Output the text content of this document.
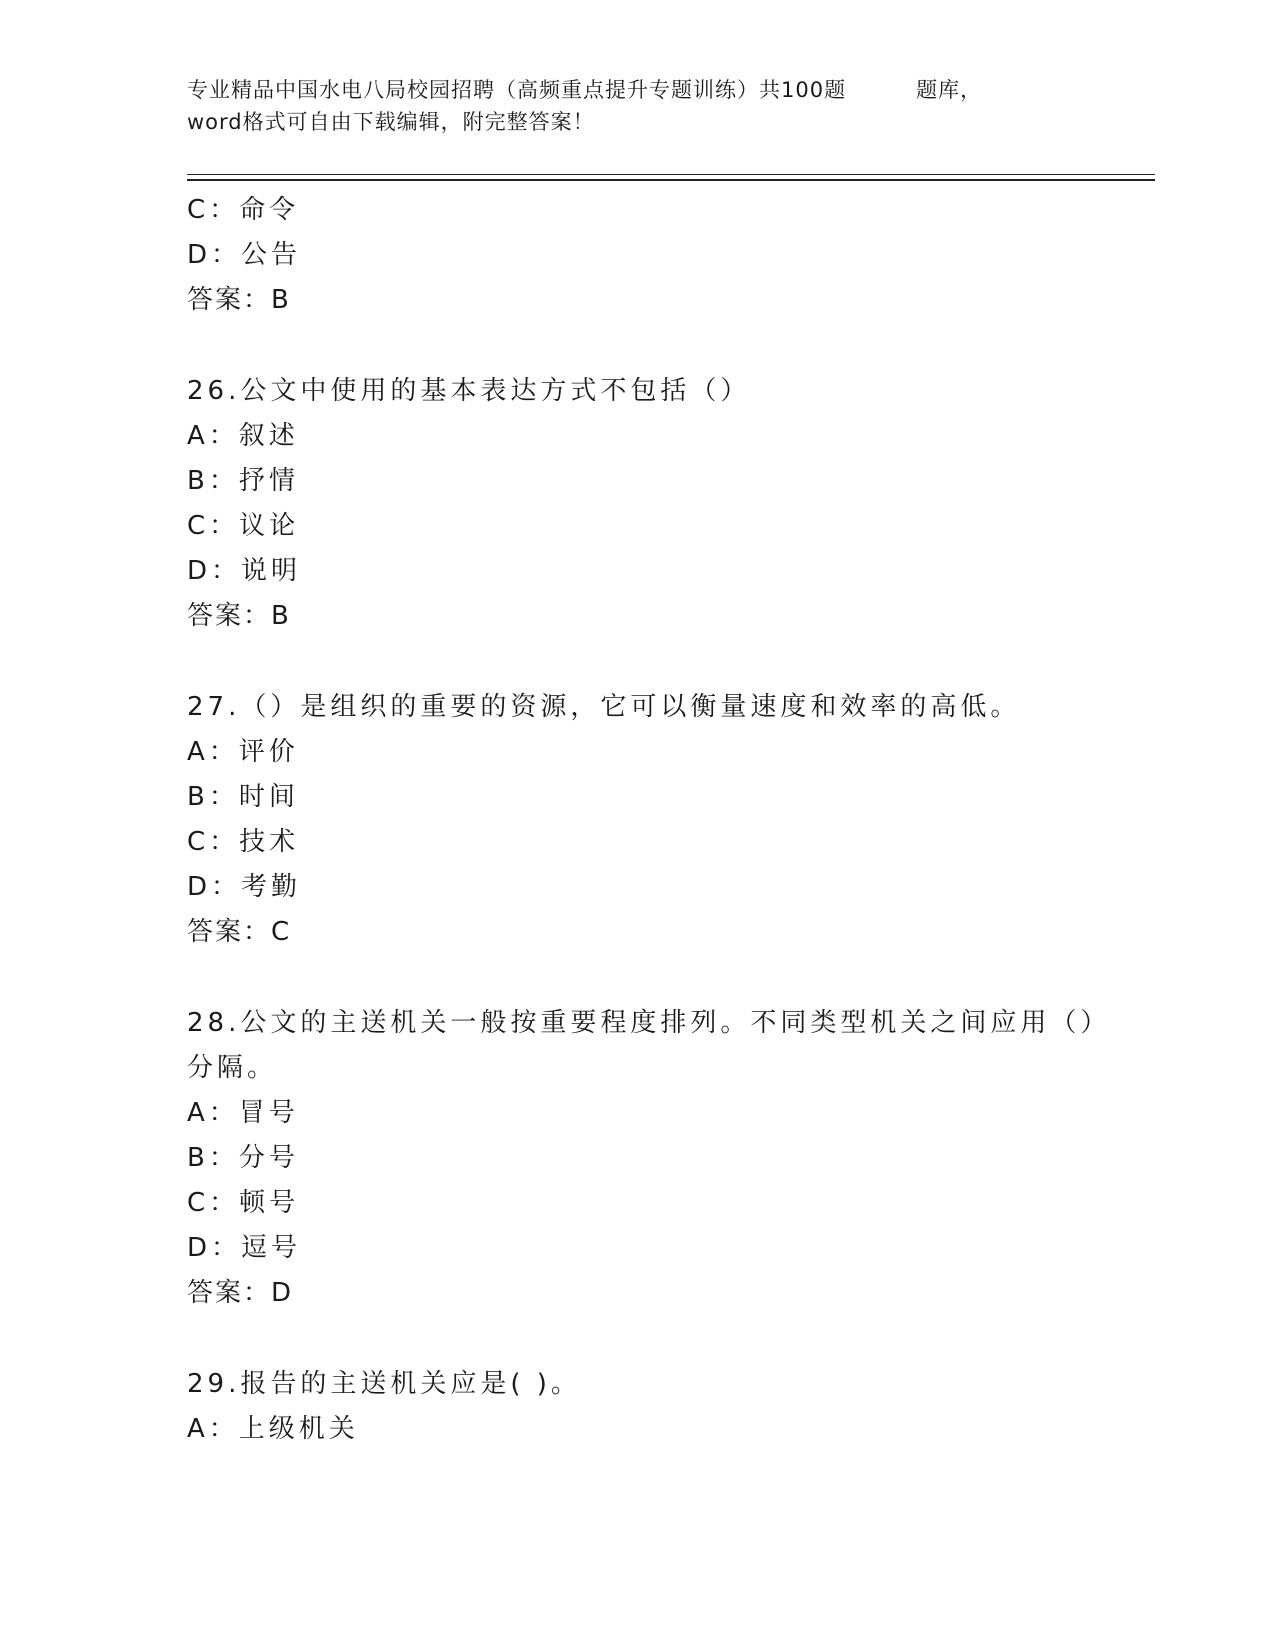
专业精品中国水电八局校园招聘（高频重点提升专题训练）共100题	题库，
word格式可自由下载编辑，附完整答案！
C：命令
D：公告
答案：B
26.公文中使用的基本表达方式不包括（）
A：叙述
B：抒情
C：议论
D：说明
答案：B
27.（）是组织的重要的资源，它可以衡量速度和效率的高低。
A：评价
B：时间
C：技术
D：考勤
答案：C
28.公文的主送机关一般按重要程度排列。不同类型机关之间应用（）
分隔。
A：冒号
B：分号
C：顿号
D：逗号
答案：D
29.报告的主送机关应是( )。
A：上级机关
